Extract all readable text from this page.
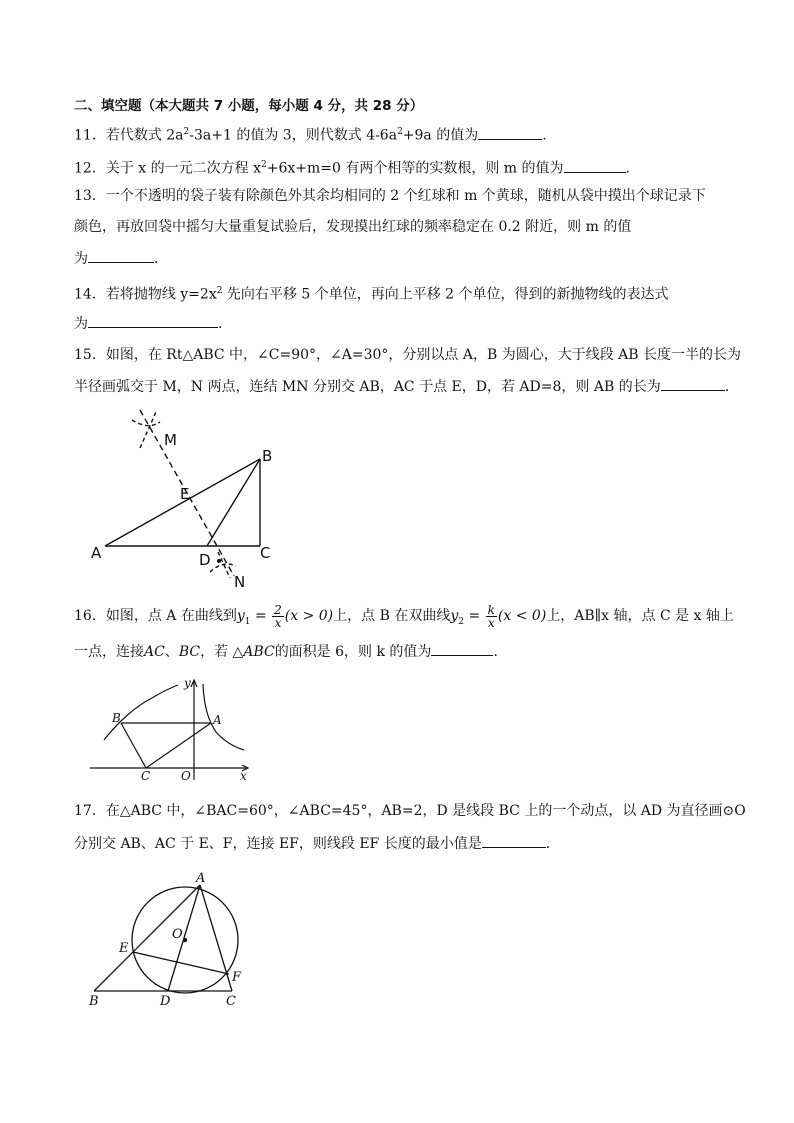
二、填空题（本大题共 7 小题，每小题 4 分，共 28 分）
11．若代数式 $2a^2-3a+1$ 的值为 3，则代数式 $4-6a^2+9a$ 的值为	.
12．关于 x 的一元二次方程 $x^2+6x+m=0$ 有两个相等的实数根，则 m 的值为	.
13．一个不透明的袋子装有除颜色外其余均相同的 2 个红球和 m 个黄球，随机从袋中摸出个球记录下
颜色，再放回袋中摇匀大量重复试验后，发现摸出红球的频率稳定在 0.2 附近，则 m 的值
为	．
14．若将抛物线 $y=2x^2$ 先向右平移 5 个单位，再向上平移 2 个单位，得到的新抛物线的表达式
为	.
15．如图，在 Rt△ABC 中，∠C=90°，∠A=30°，分别以点 A，B 为圆心，大于线段 AB 长度一半的长为
半径画弧交于 M，N 两点，连结 MN 分别交 AB，AC 于点 E，D，若 AD=8，则 AB 的长为	.
M
B
E
A	D	C
N
16．如图，点 A 在曲线到$y_1 = \frac{2}{x} (x > 0)$上，点 B 在双曲线$y_2 = \frac{k}{x} (x < 0)$上，AB∥x 轴，点 C 是 x 轴上
一点，连接AC、BC，若 △ABC的面积是 6，则 k 的值为	．
y
x
O
A
B
C
17．在△ABC 中，∠BAC=60°，∠ABC=45°，AB=2，D 是线段 BC 上的一个动点，以 AD 为直径画⊙O
分别交 AB、AC 于 E、F，连接 EF，则线段 EF 长度的最小值是	．
A
O
E
F
B	D	C
